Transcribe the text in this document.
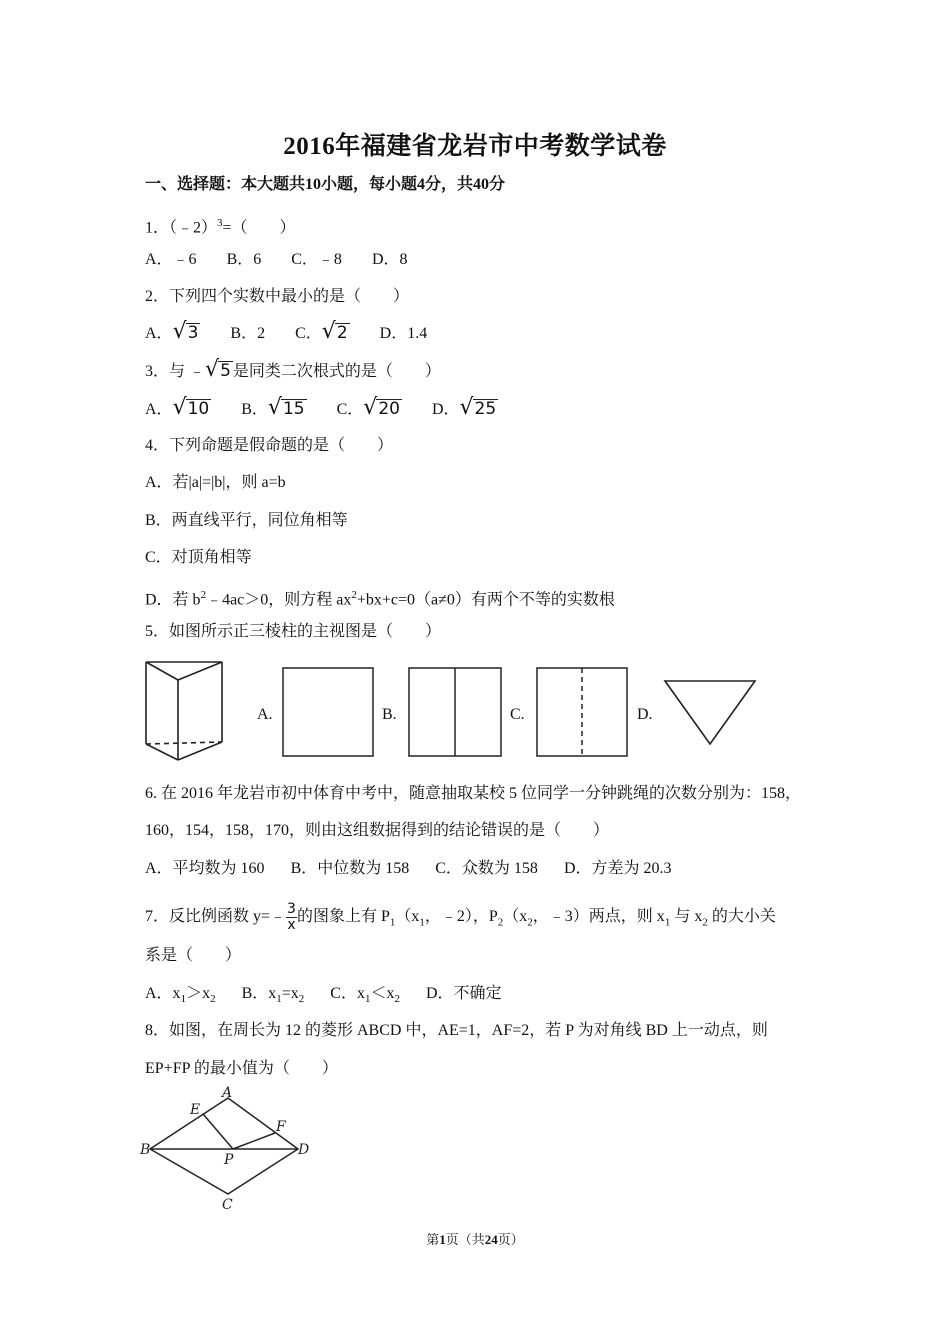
2016年福建省龙岩市中考数学试卷
一、选择题：本大题共10小题，每小题4分，共40分
1．（﹣2）$^3$=（　　）
A．﹣6 B．6 C．﹣8 D．8
2．下列四个实数中最小的是（　　）
A． √ 3 B．2 C． √ 2 D．1.4
3．与 ﹣ √ 5 是同类二次根式的是（　　）
A． √ 10 B． √ 15 C． √ 20 D． √ 25
4．下列命题是假命题的是（　　）
A．若|a|=|b|，则 a=b
B．两直线平行，同位角相等
C．对顶角相等
D．若 $b^2﹣4ac>0$，则方程 $ax^2+bx+c=0(a\ne 0)$有两个不等的实数根
5．如图所示正三棱柱的主视图是（　　）
A.	B.	C.	D.
6. 在 2016 年龙岩市初中体育中考中，随意抽取某校 5 位同学一分钟跳绳的次数分别为：158，
160，154，158，170，则由这组数据得到的结论错误的是（　　）
A．平均数为 160 B．中位数为 158 C．众数为 158 D．方差为 20.3
7．反比例函数 y=﹣ $\frac{3}{x}$ 的图象上有 $P_1(x_1$，﹣2），$P_2(x_2$，﹣3）两点，则 $x_1$ 与 $x_2$ 的大小关
系是（　　）
A．$x_1>x_2$ B．$x_1=x_2$ C．$x_1<x_2$ D．不确定
8．如图，在周长为 12 的菱形 ABCD 中，AE=1，AF=2，若 P 为对角线 BD 上一动点，则
EP+FP 的最小值为（　　）
A
E
F
B
P
D
C
第1页（共24页）
